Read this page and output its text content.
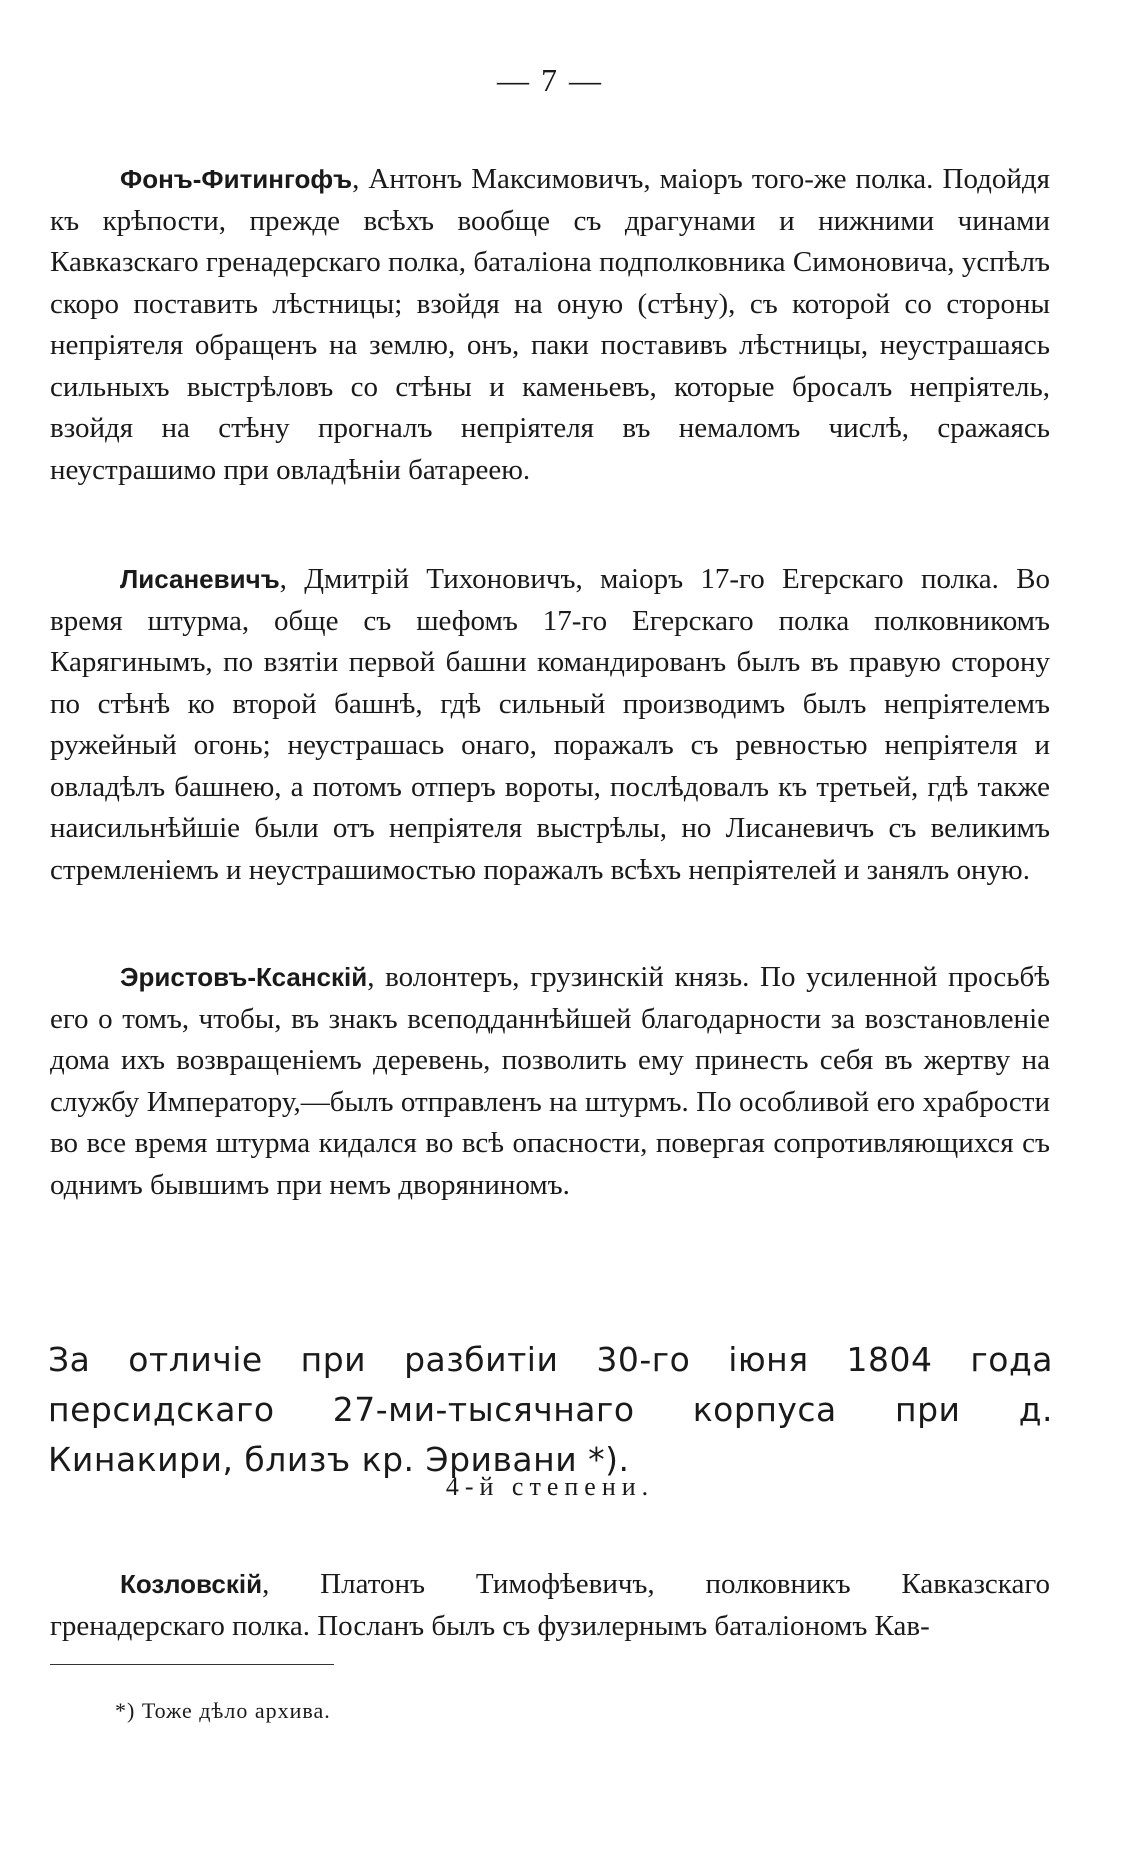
— 7 —

Фонъ-Фитингофъ, Антонъ Максимовичъ, маіоръ того-же полка. Подойдя къ крѣпости, прежде всѣхъ вообще съ драгунами и нижними чинами Кавказскаго гренадерскаго полка, баталіона подполковника Симоновича, успѣлъ скоро поставить лѣстницы; взойдя на оную (стѣну), съ которой со стороны непріятеля обращенъ на землю, онъ, паки поставивъ лѣстницы, неустрашаясь сильныхъ выстрѣловъ со стѣны и каменьевъ, которые бросалъ непріятель, взойдя на стѣну прогналъ непріятеля въ немаломъ числѣ, сражаясь неустрашимо при овладѣніи батареею.

Лисаневичъ, Дмитрій Тихоновичъ, маіоръ 17-го Егерскаго полка. Во время штурма, обще съ шефомъ 17-го Егерскаго полка полковникомъ Карягинымъ, по взятіи первой башни командированъ былъ въ правую сторону по стѣнѣ ко второй башнѣ, гдѣ сильный производимъ былъ непріятелемъ ружейный огонь; неустрашась онаго, поражалъ съ ревностью непріятеля и овладѣлъ башнею, а потомъ отперъ вороты, послѣдовалъ къ третьей, гдѣ также наисильнѣйшіе были отъ непріятеля выстрѣлы, но Лисаневичъ съ великимъ стремленіемъ и неустрашимостью поражалъ всѣхъ непріятелей и занялъ оную.

Эристовъ-Ксанскій, волонтеръ, грузинскій князь. По усиленной просьбѣ его о томъ, чтобы, въ знакъ всеподданнѣйшей благодарности за возстановленіе дома ихъ возвращеніемъ деревень, позволить ему принесть себя въ жертву на службу Императору,—былъ отправленъ на штурмъ. По особливой его храбрости во все время штурма кидался во всѣ опасности, повергая сопротивляющихся съ однимъ бывшимъ при немъ дворяниномъ.

За отличіе при разбитіи 30-го іюня 1804 года персидскаго 27-ми-тысячнаго корпуса при д. Кинакири, близъ кр. Эривани *).
4-й степени.

Козловскій, Платонъ Тимофѣевичъ, полковникъ Кавказскаго гренадерскаго полка. Посланъ былъ съ фузилернымъ баталіономъ Кав-

*) Тоже дѣло архива.
